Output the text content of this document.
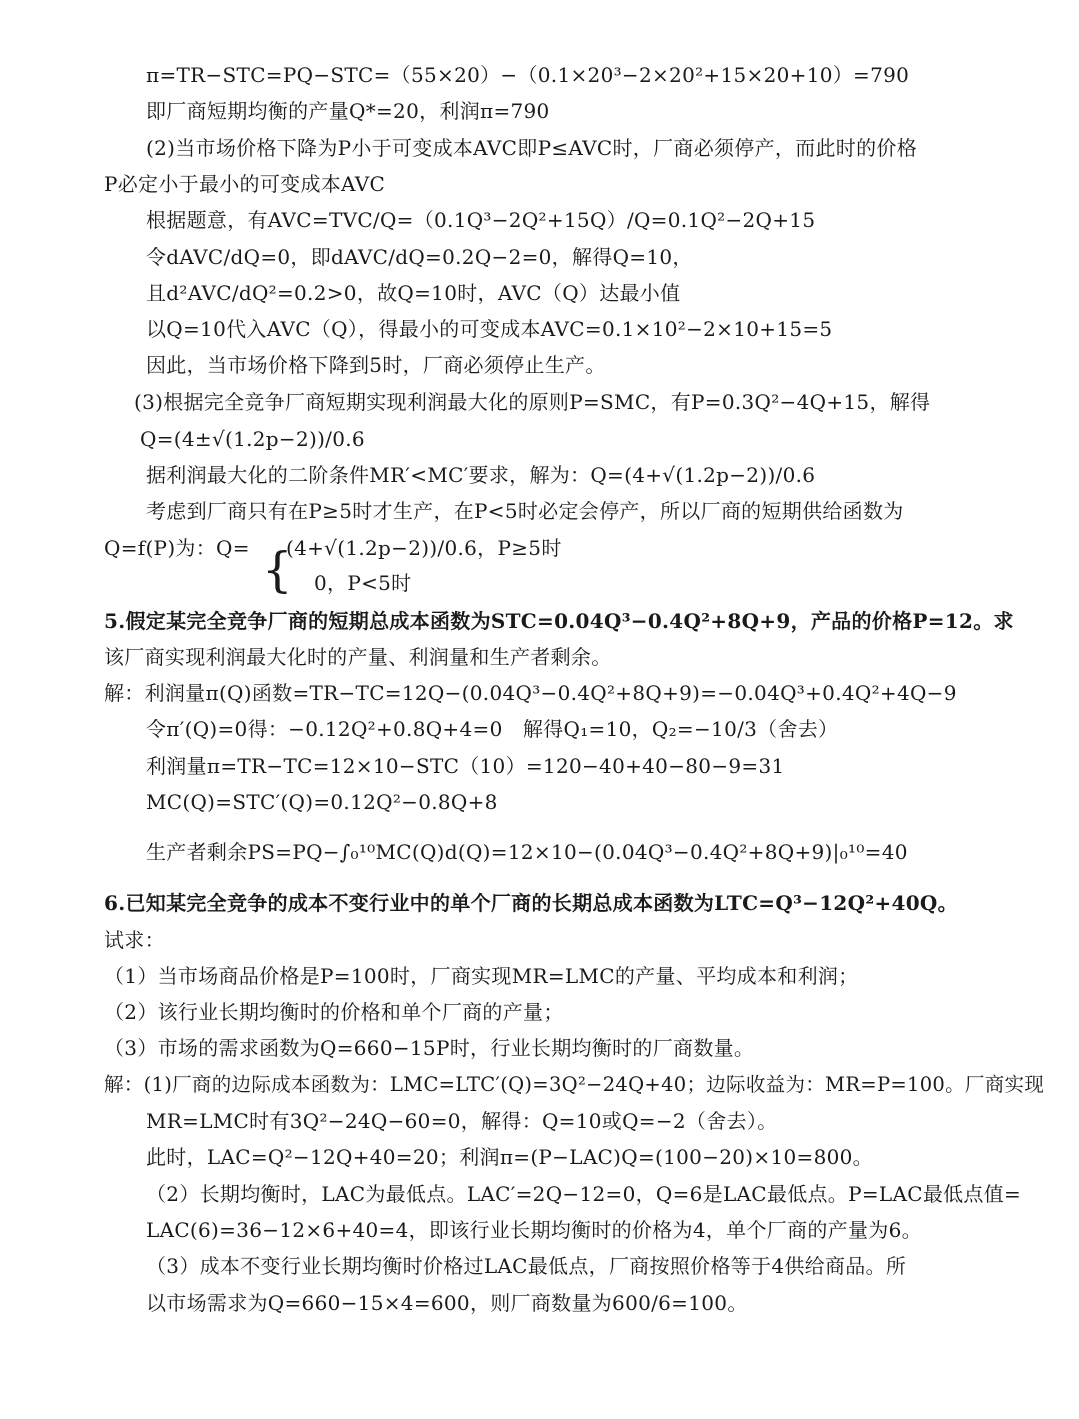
π=TR−STC=PQ−STC=（55×20）−（0.1×20³−2×20²+15×20+10）=790
即厂商短期均衡的产量Q*=20，利润π=790
(2)当市场价格下降为P小于可变成本AVC即P≤AVC时，厂商必须停产，而此时的价格
P必定小于最小的可变成本AVC
根据题意，有AVC=TVC/Q=（0.1Q³−2Q²+15Q）/Q=0.1Q²−2Q+15
令dAVC/dQ=0，即dAVC/dQ=0.2Q−2=0，解得Q=10，
且d²AVC/dQ²=0.2>0，故Q=10时，AVC（Q）达最小值
以Q=10代入AVC（Q），得最小的可变成本AVC=0.1×10²−2×10+15=5
因此，当市场价格下降到5时，厂商必须停止生产。
(3)根据完全竞争厂商短期实现利润最大化的原则P=SMC，有P=0.3Q²−4Q+15，解得
Q=(4±√(1.2p−2))/0.6
据利润最大化的二阶条件MR′<MC′要求，解为：Q=(4+√(1.2p−2))/0.6
考虑到厂商只有在P≥5时才生产，在P<5时必定会停产，所以厂商的短期供给函数为
Q=f(P)为：Q= {
(4+√(1.2p−2))/0.6，P≥5时
0，P<5时
5.假定某完全竞争厂商的短期总成本函数为STC=0.04Q³−0.4Q²+8Q+9，产品的价格P=12。求
该厂商实现利润最大化时的产量、利润量和生产者剩余。
解：利润量π(Q)函数=TR−TC=12Q−(0.04Q³−0.4Q²+8Q+9)=−0.04Q³+0.4Q²+4Q−9
令π′(Q)=0得：−0.12Q²+0.8Q+4=0　解得Q₁=10，Q₂=−10/3（舍去）
利润量π=TR−TC=12×10−STC（10）=120−40+40−80−9=31
MC(Q)=STC′(Q)=0.12Q²−0.8Q+8
生产者剩余PS=PQ−∫₀¹⁰MC(Q)d(Q)=12×10−(0.04Q³−0.4Q²+8Q+9)|₀¹⁰=40
6.已知某完全竞争的成本不变行业中的单个厂商的长期总成本函数为LTC=Q³−12Q²+40Q。
试求：
（1）当市场商品价格是P=100时，厂商实现MR=LMC的产量、平均成本和利润；
（2）该行业长期均衡时的价格和单个厂商的产量；
（3）市场的需求函数为Q=660−15P时，行业长期均衡时的厂商数量。
解：(1)厂商的边际成本函数为：LMC=LTC′(Q)=3Q²−24Q+40；边际收益为：MR=P=100。厂商实现
MR=LMC时有3Q²−24Q−60=0，解得：Q=10或Q=−2（舍去）。
此时，LAC=Q²−12Q+40=20；利润π=(P−LAC)Q=(100−20)×10=800。
（2）长期均衡时，LAC为最低点。LAC′=2Q−12=0，Q=6是LAC最低点。P=LAC最低点值=
LAC(6)=36−12×6+40=4，即该行业长期均衡时的价格为4，单个厂商的产量为6。
（3）成本不变行业长期均衡时价格过LAC最低点，厂商按照价格等于4供给商品。所
以市场需求为Q=660−15×4=600，则厂商数量为600/6=100。
